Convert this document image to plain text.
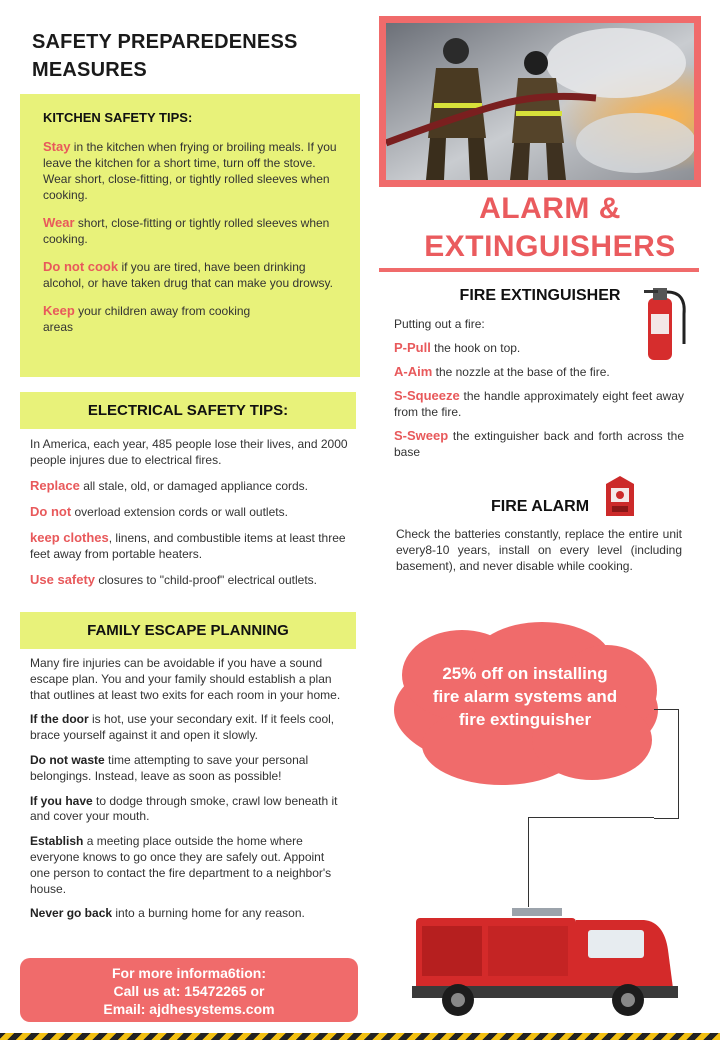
SAFETY PREPAREDENESS MEASURES
KITCHEN SAFETY TIPS:

Stay in the kitchen when frying or broiling meals. If you leave the kitchen for a short time, turn off the stove. Wear short, close-fitting, or tightly rolled sleeves when cooking.

Wear short, close-fitting or tightly rolled sleeves when cooking.

Do not cook if you are tired, have been drinking alcohol, or have taken drug that can make you drowsy.

Keep your children away from cooking areas

ELECTRICAL SAFETY TIPS:

In America, each year, 485 people lose their lives, and 2000 people injures due to electrical fires.

Replace all stale, old, or damaged appliance cords.

Do not overload extension cords or wall outlets.

keep clothes, linens, and combustible items at least three feet away from portable heaters.

Use safety closures to "child-proof" electrical outlets.

FAMILY ESCAPE PLANNING

Many fire injuries can be avoidable if you have a sound escape plan. You and your family should establish a plan that outlines at least two exits for each room in your home.

If the door is hot, use your secondary exit. If it feels cool, brace yourself against it and open it slowly.

Do not waste time attempting to save your personal belongings. Instead, leave as soon as possible!

If you have to dodge through smoke, crawl low beneath it and cover your mouth.

Establish a meeting place outside the home where everyone knows to go once they are safely out. Appoint one person to contact the fire department to a neighbor's house.

Never go back into a burning home for any reason.

For more informa6tion:
Call us at: 15472265 or
Email: ajdhesystems.com
ALARM &
EXTINGUISHERS
FIRE EXTINGUISHER

Putting out a fire:

P-Pull the hook on top.

A-Aim the nozzle at the base of the fire.

S-Squeeze the handle approximately eight feet away from the fire.

S-Sweep the extinguisher back and forth across the base

FIRE ALARM
Check the batteries constantly, replace the entire unit every8-10 years, install on every level (including basement), and never disable while cooking.
25% off on installing
fire alarm systems and
fire extinguisher
